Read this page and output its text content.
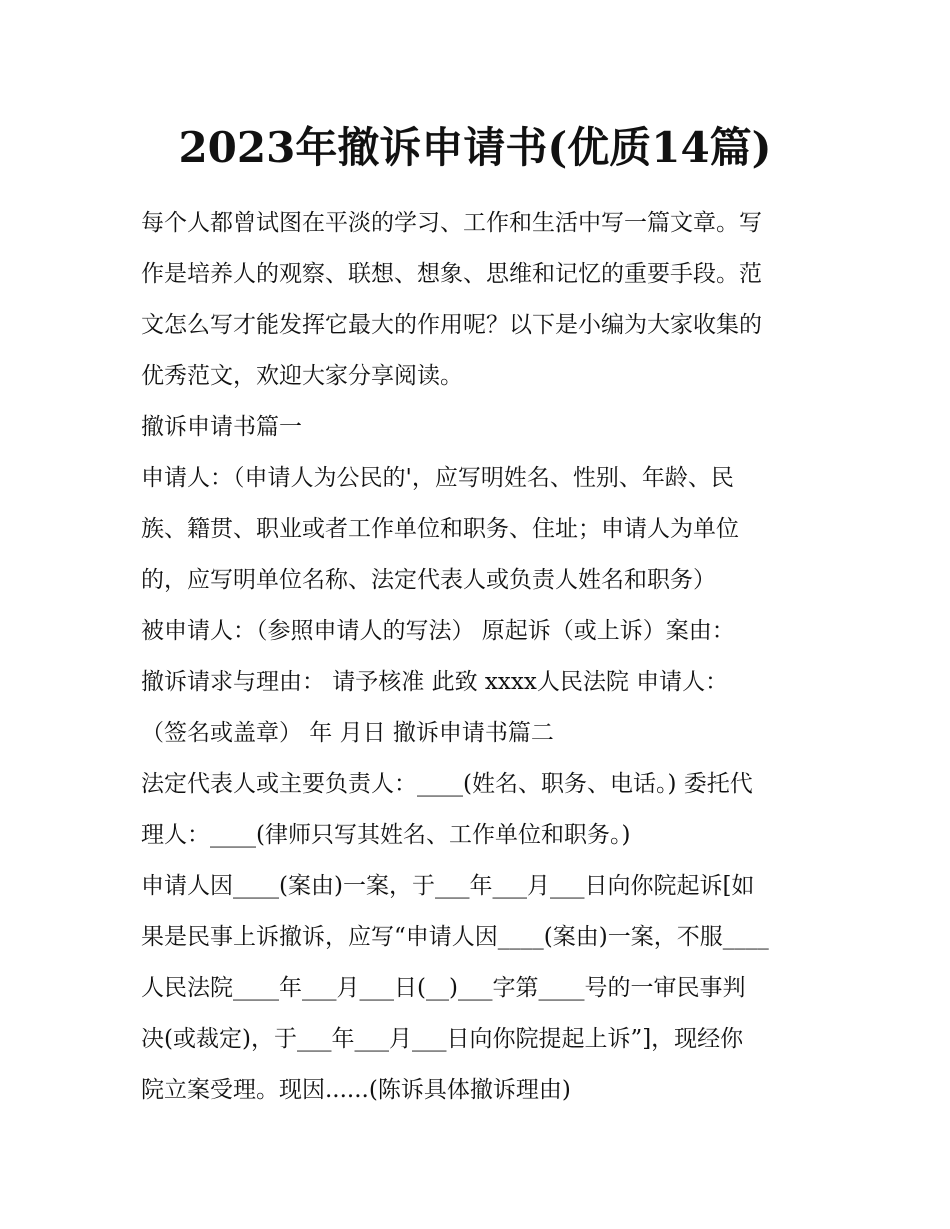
2023年撤诉申请书(优质14篇)
每个人都曾试图在平淡的学习、工作和生活中写一篇文章。写
作是培养人的观察、联想、想象、思维和记忆的重要手段。范
文怎么写才能发挥它最大的作用呢？以下是小编为大家收集的
优秀范文，欢迎大家分享阅读。
撤诉申请书篇一
申请人：（申请人为公民的'，应写明姓名、性别、年龄、民
族、籍贯、职业或者工作单位和职务、住址；申请人为单位
的，应写明单位名称、法定代表人或负责人姓名和职务）
被申请人：（参照申请人的写法） 原起诉（或上诉）案由：
撤诉请求与理由： 请予核准 此致 xxxx人民法院 申请人：
（签名或盖章） 年 月日 撤诉申请书篇二
法定代表人或主要负责人：____(姓名、职务、电话。) 委托代
理人：____(律师只写其姓名、工作单位和职务。)
申请人因____(案由)一案，于___年___月___日向你院起诉[如
果是民事上诉撤诉，应写“申请人因____(案由)一案，不服____
人民法院____年___月___日(__)___字第____号的一审民事判
决(或裁定)，于___年___月___日向你院提起上诉”]，现经你
院立案受理。现因......(陈诉具体撤诉理由)
